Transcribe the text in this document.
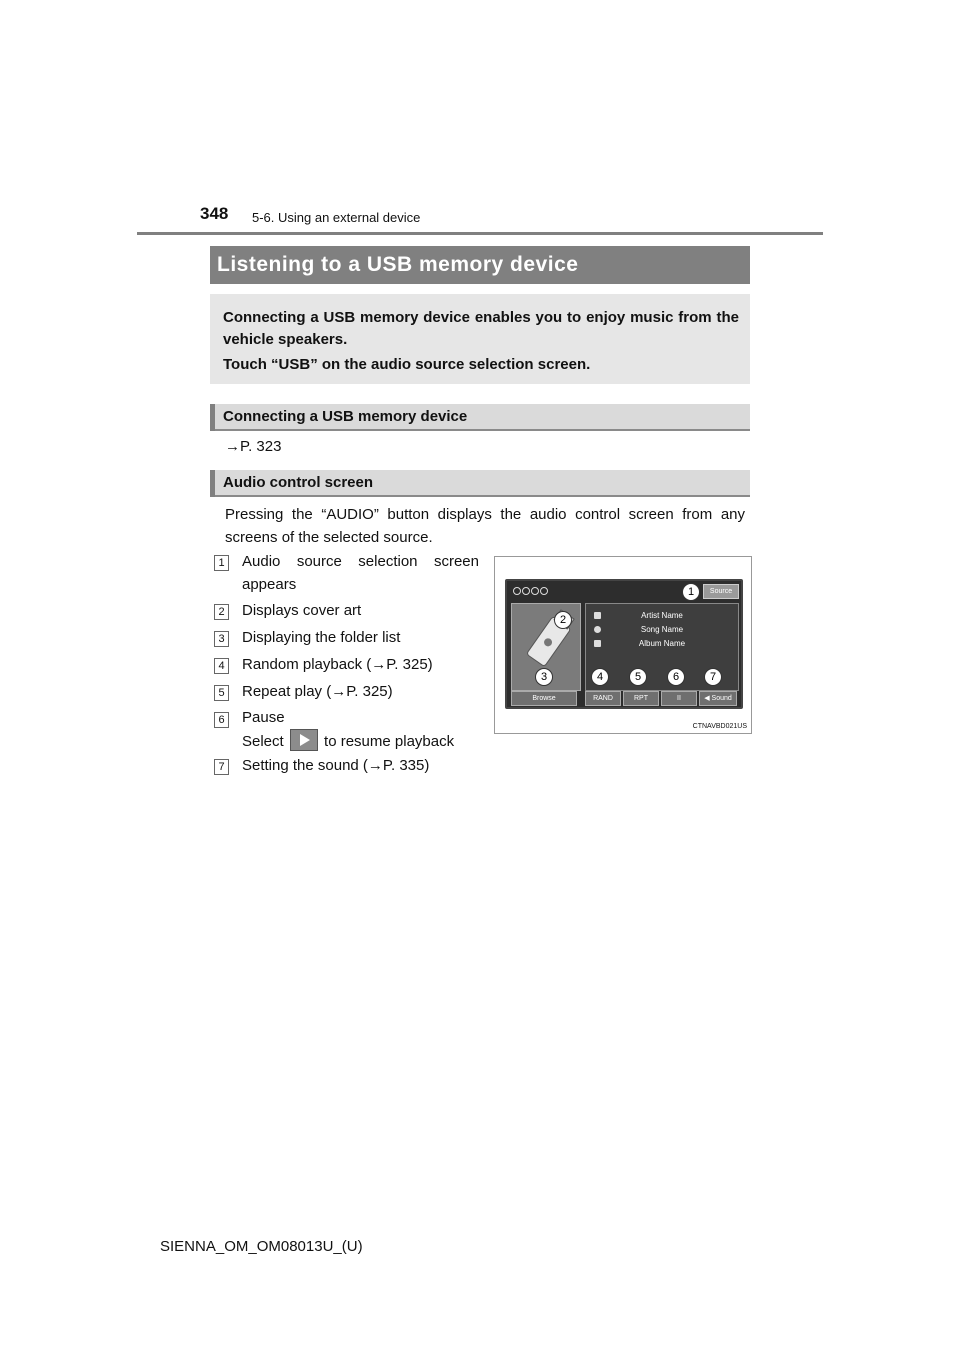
348 5-6. Using an external device
Listening to a USB memory device
Connecting a USB memory device enables you to enjoy music from the vehicle speakers.
Touch “USB” on the audio source selection screen.
Connecting a USB memory device
→P. 323
Audio control screen
Pressing the “AUDIO” button displays the audio control screen from any screens of the selected source.
1 Audio source selection screen
appears
2 Displays cover art
3 Displaying the folder list
4 Random playback (→P. 325)
5 Repeat play (→P. 325)
6 Pause
Select	to resume playback
7 Setting the sound (→P. 335)
Source
Artist Name
Song Name
Album Name
Browse	RAND	RPT	II	◀ Sound
1
2
3	4	5	6	7
CTNAVBD021US
SIENNA_OM_OM08013U_(U)
